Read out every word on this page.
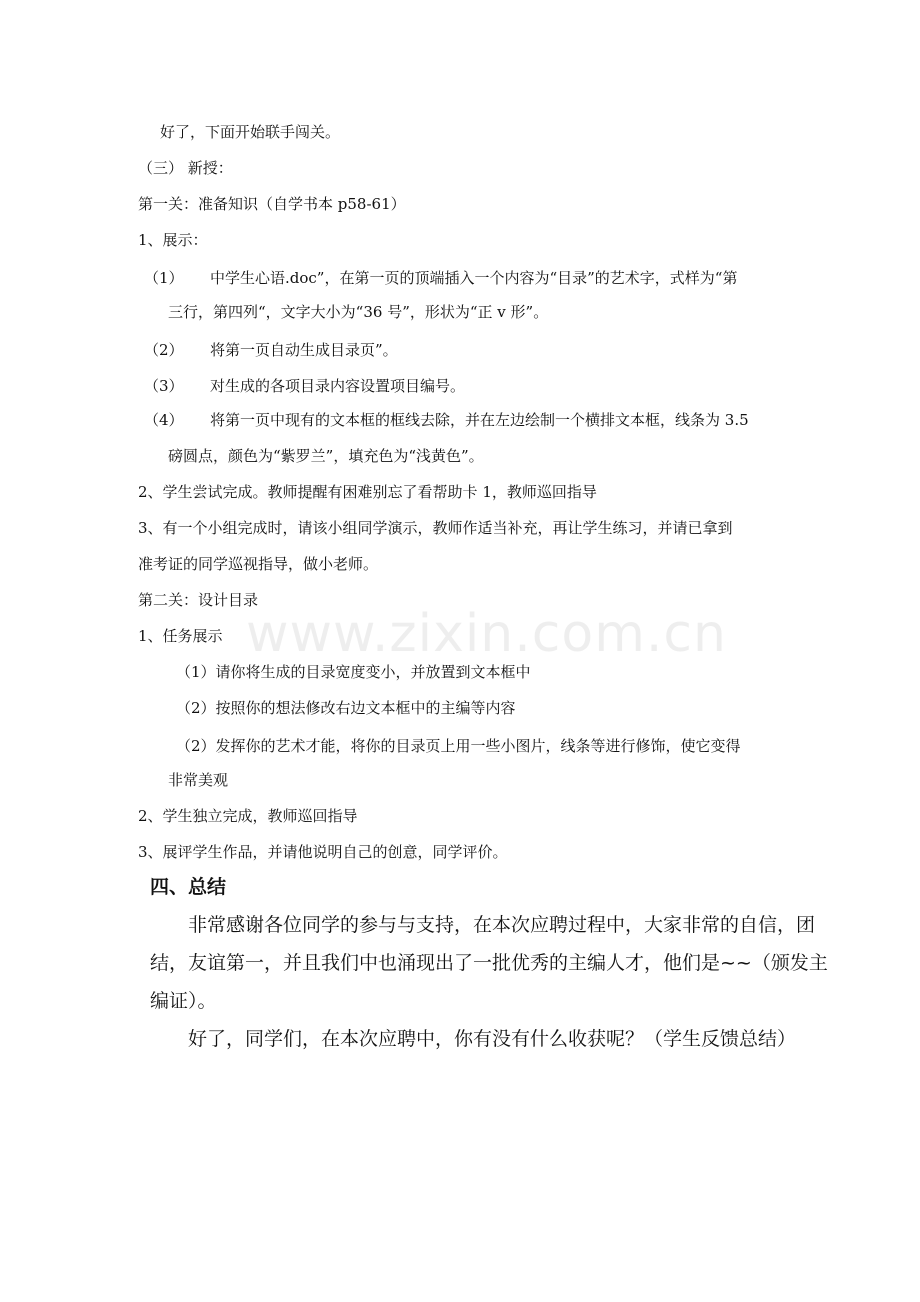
www.zixin.com.cn
好了，下面开始联手闯关。
（三） 新授：
第一关：准备知识（自学书本 p58-61）
1、展示：
（1） 中学生心语.doc”，在第一页的顶端插入一个内容为“目录”的艺术字，式样为“第
三行，第四列“，文字大小为“36 号”，形状为“正 v 形”。
（2） 将第一页自动生成目录页”。
（3） 对生成的各项目录内容设置项目编号。
（4） 将第一页中现有的文本框的框线去除，并在左边绘制一个横排文本框，线条为 3.5
磅圆点，颜色为“紫罗兰”，填充色为“浅黄色”。
2、学生尝试完成。教师提醒有困难别忘了看帮助卡 1，教师巡回指导
3、有一个小组完成时，请该小组同学演示，教师作适当补充，再让学生练习，并请已拿到
准考证的同学巡视指导，做小老师。
第二关：设计目录
1、任务展示
（1）请你将生成的目录宽度变小，并放置到文本框中
（2）按照你的想法修改右边文本框中的主编等内容
（2）发挥你的艺术才能，将你的目录页上用一些小图片，线条等进行修饰，使它变得
非常美观
2、学生独立完成，教师巡回指导
3、展评学生作品，并请他说明自己的创意，同学评价。
四、总结
非常感谢各位同学的参与与支持，在本次应聘过程中，大家非常的自信，团
结，友谊第一，并且我们中也涌现出了一批优秀的主编人才，他们是~~（颁发主
编证）。
好了，同学们，在本次应聘中，你有没有什么收获呢？（学生反馈总结）
